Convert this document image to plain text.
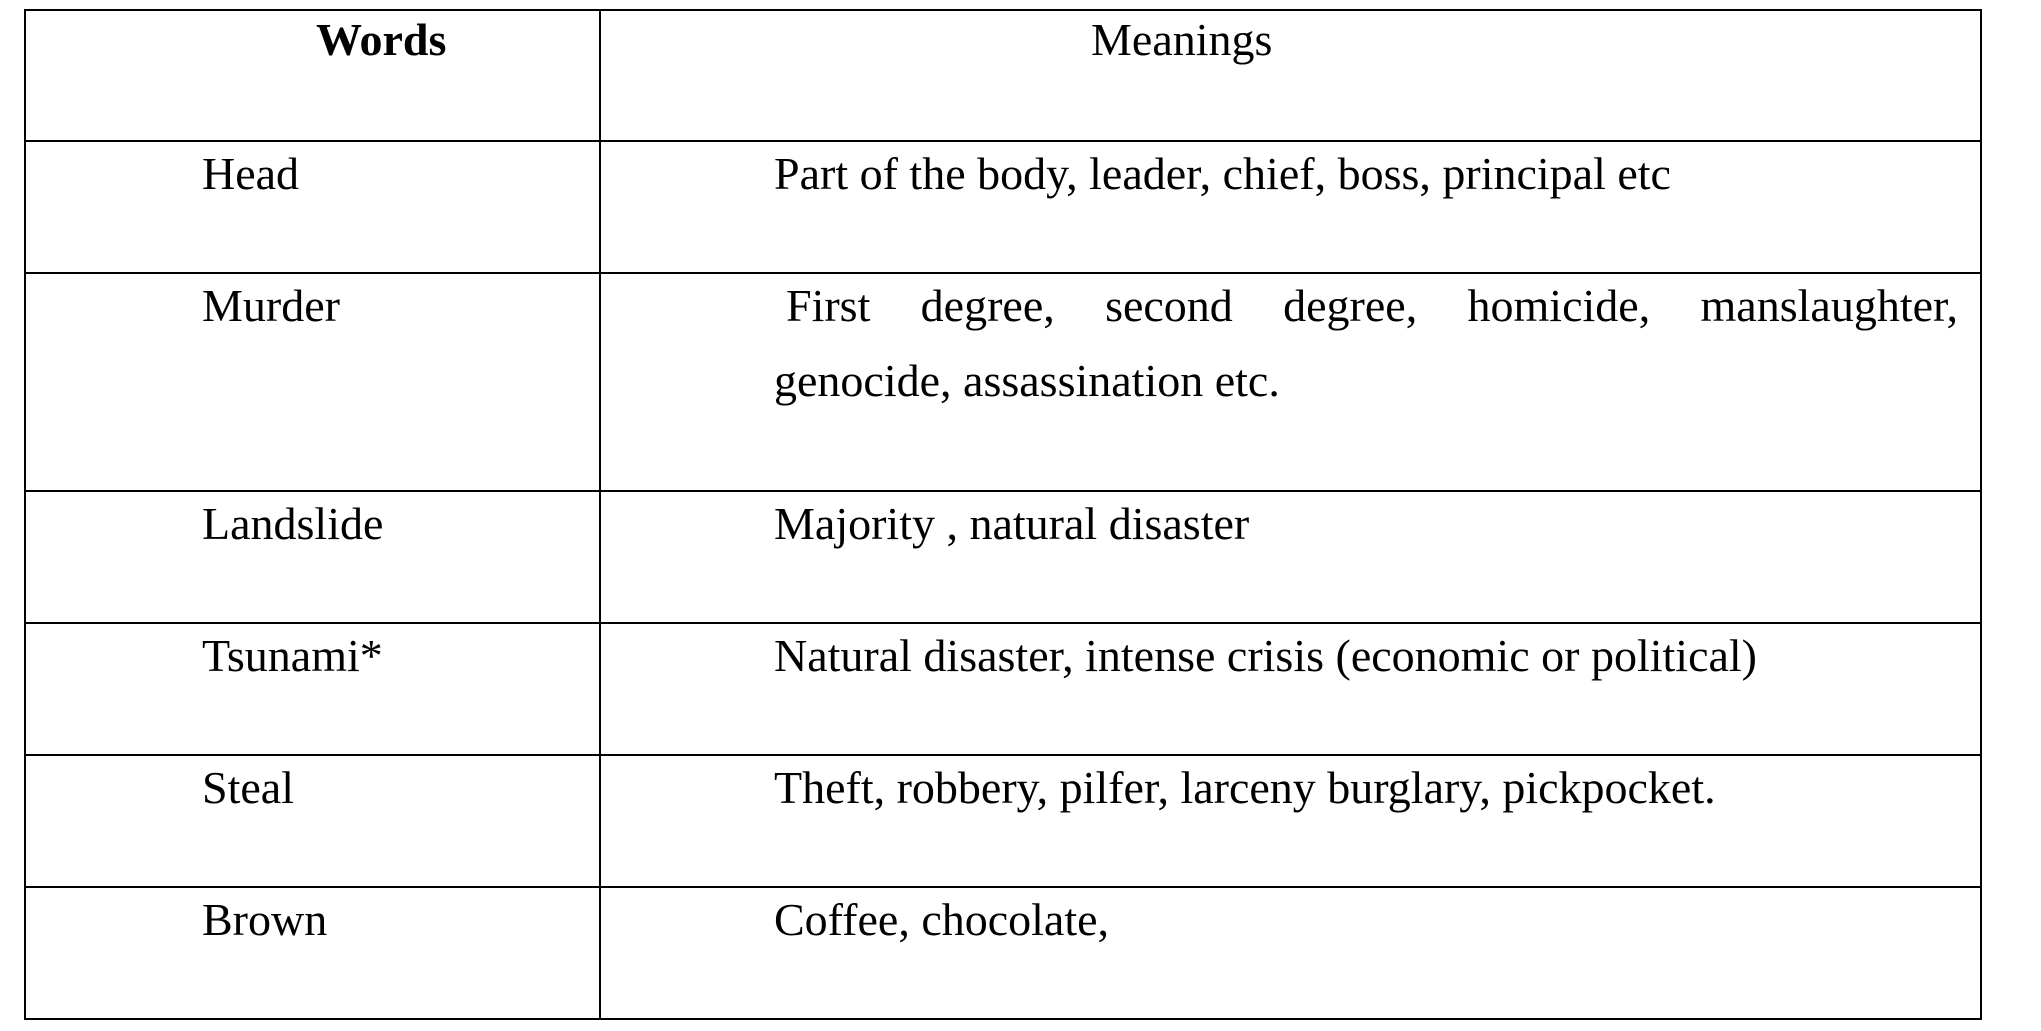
Words	Meanings
Head	Part of the body, leader, chief, boss, principal etc
Murder	First degree, second degree, homicide, manslaughter,
genocide, assassination etc.

Landslide	Majority , natural disaster
Tsunami*	Natural disaster, intense crisis (economic or political)
Steal	Theft, robbery, pilfer, larceny burglary, pickpocket.
Brown	Coffee, chocolate,
